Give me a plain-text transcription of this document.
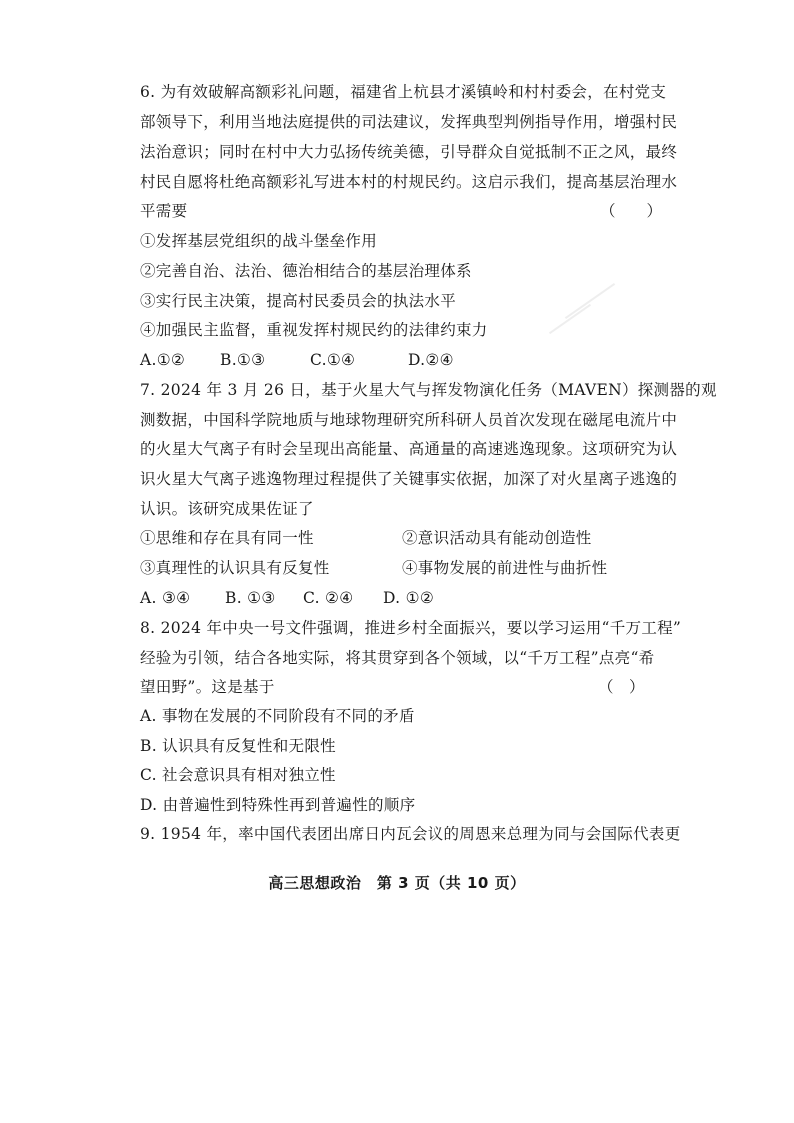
6. 为有效破解高额彩礼问题，福建省上杭县才溪镇岭和村村委会，在村党支
部领导下，利用当地法庭提供的司法建议，发挥典型判例指导作用，增强村民
法治意识；同时在村中大力弘扬传统美德，引导群众自觉抵制不正之风，最终
村民自愿将杜绝高额彩礼写进本村的村规民约。这启示我们，提高基层治理水
平需要	（　　）
①发挥基层党组织的战斗堡垒作用
②完善自治、法治、德治相结合的基层治理体系
③实行民主决策，提高村民委员会的执法水平
④加强民主监督，重视发挥村规民约的法律约束力
A.①② B.①③	C.①④	D.②④
7. 2024 年 3 月 26 日，基于火星大气与挥发物演化任务（MAVEN）探测器的观
测数据，中国科学院地质与地球物理研究所科研人员首次发现在磁尾电流片中
的火星大气离子有时会呈现出高能量、高通量的高速逃逸现象。这项研究为认
识火星大气离子逃逸物理过程提供了关键事实依据，加深了对火星离子逃逸的
认识。该研究成果佐证了
①思维和存在具有同一性	②意识活动具有能动创造性
③真理性的认识具有反复性	④事物发展的前进性与曲折性
A. ③④ B. ①③ C. ②④ D. ①②
8. 2024 年中央一号文件强调，推进乡村全面振兴，要以学习运用“千万工程”
经验为引领，结合各地实际，将其贯穿到各个领域，以“千万工程”点亮“希
望田野”。这是基于	（　）
A. 事物在发展的不同阶段有不同的矛盾
B. 认识具有反复性和无限性
C. 社会意识具有相对独立性
D. 由普遍性到特殊性再到普遍性的顺序
9. 1954 年，率中国代表团出席日内瓦会议的周恩来总理为同与会国际代表更
高三思想政治　第 3 页（共 10 页）
